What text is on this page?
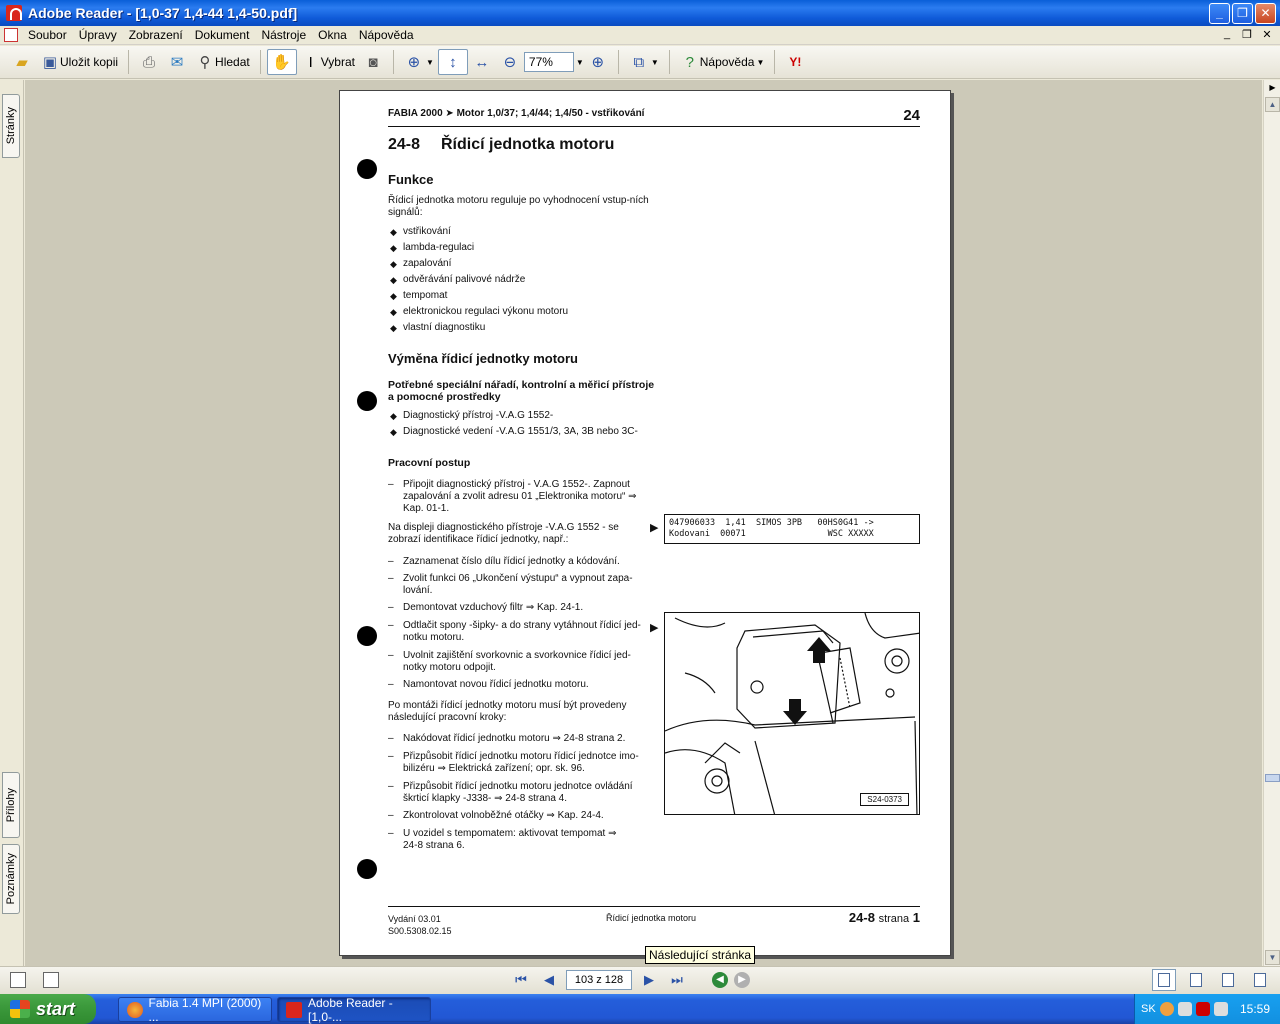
Adobe Reader - [1,0-37 1,4-44 1,4-50.pdf]	_	❐	✕
Soubor	Úpravy	Zobrazení	Dokument	Nástroje	Okna	Nápověda	_	❐ ✕
▰ ▣ Uložit kopii ⎙ ✉	⚲ Hledat ✋	I Vybrat ◙	⊕ ▼	↕	↔ ⊖
77%	▼ ⊕	⧉ ▼	? Nápověda ▼	Y!
Stránky
Přílohy
Poznámky
FABIA 2000 ➤ Motor 1,0/37; 1,4/44; 1,4/50 - vstřikování	24
24-8 Řídicí jednotka motoru
Funkce
Řídicí jednotka motoru reguluje po vyhodnocení vstup-ních signálů:
◆ vstřikování
◆ lambda-regulaci
◆ zapalování
◆ odvěrávání palivové nádrže
◆ tempomat
◆ elektronickou regulaci výkonu motoru
◆ vlastní diagnostiku
Výměna řídicí jednotky motoru
Potřebné speciální nářadí, kontrolní a měřicí přístroje a pomocné prostředky
◆ Diagnostický přístroj -V.A.G 1552-
◆ Diagnostické vedení -V.A.G 1551/3, 3A, 3B nebo 3C-
Pracovní postup
– Připojit diagnostický přístroj - V.A.G 1552-. Zapnout zapalování a zvolit adresu 01 „Elektronika motoru“ ⇒ Kap. 01-1.
Na displeji diagnostického přístroje -V.A.G 1552 - se zobrazí identifikace řídicí jednotky, např.:
– Zaznamenat číslo dílu řídicí jednotky a kódování.
– Zvolit funkci 06 „Ukončení výstupu“ a vypnout zapa-lování.
– Demontovat vzduchový filtr ⇒ Kap. 24-1.
– Odtlačit spony -šipky- a do strany vytáhnout řídicí jed-notku motoru.
– Uvolnit zajištění svorkovnic a svorkovnice řídicí jed-notky motoru odpojit.
– Namontovat novou řídicí jednotku motoru.
Po montáži řídicí jednotky motoru musí být provedeny následující pracovní kroky:
– Nakódovat řídicí jednotku motoru ⇒ 24-8 strana 2.
– Přizpůsobit řídicí jednotku motoru řídicí jednotce imo-bilizéru ⇒ Elektrická zařízení; opr. sk. 96.
– Přizpůsobit řídicí jednotku motoru jednotce ovládání škrticí klapky -J338- ⇒ 24-8 strana 4.
– Zkontrolovat volnoběžné otáčky ⇒ Kap. 24-4.
– U vozidel s tempomatem: aktivovat tempomat ⇒ 24-8 strana 6.
▶ 047906033  1,41  SIMOS 3PB   00HS0G41 ->
Kodovani  00071                WSC XXXXX
▶
S24-0373
Vydání 03.01
S00.5308.02.15
Řídicí jednotka motoru	24-8 strana 1
▶
▲
▼
Následující stránka
⏮	◀
103 z 128	▶	⏭	◀	▶
start	Fabia 1.4 MPI (2000) ...
Adobe Reader - [1,0-...
SK	15:59
